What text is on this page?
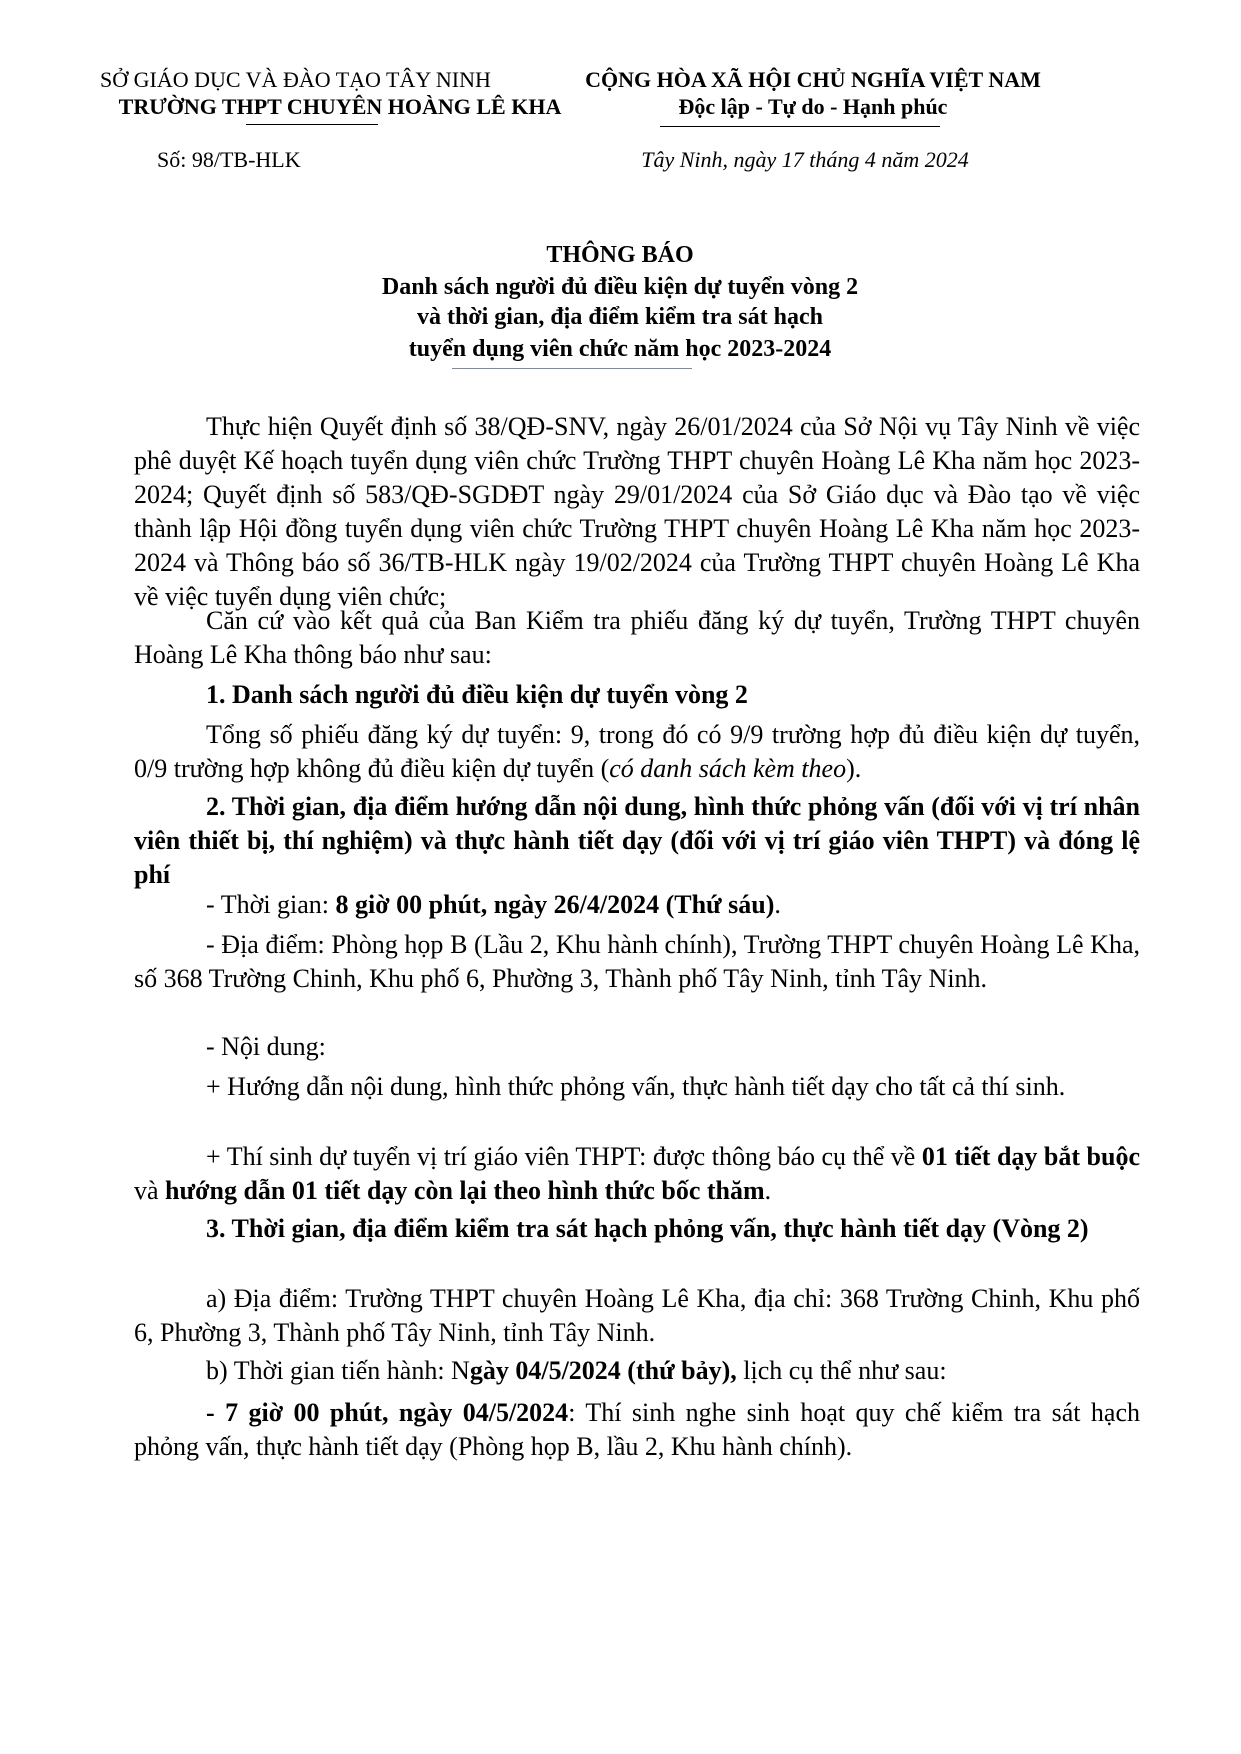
SỞ GIÁO DỤC VÀ ĐÀO TẠO TÂY NINH
TRƯỜNG THPT CHUYÊN HOÀNG LÊ KHA
Số: 98/TB-HLK
CỘNG HÒA XÃ HỘI CHỦ NGHĨA VIỆT NAM
Độc lập - Tự do - Hạnh phúc
Tây Ninh, ngày 17 tháng 4 năm 2024
THÔNG BÁO
Danh sách người đủ điều kiện dự tuyển vòng 2
và thời gian, địa điểm kiểm tra sát hạch
tuyển dụng viên chức năm học 2023-2024
Thực hiện Quyết định số 38/QĐ-SNV, ngày 26/01/2024 của Sở Nội vụ Tây Ninh về việc phê duyệt Kế hoạch tuyển dụng viên chức Trường THPT chuyên Hoàng Lê Kha năm học 2023-2024; Quyết định số 583/QĐ-SGDĐT ngày 29/01/2024 của Sở Giáo dục và Đào tạo về việc thành lập Hội đồng tuyển dụng viên chức Trường THPT chuyên Hoàng Lê Kha năm học 2023-2024 và Thông báo số 36/TB-HLK ngày 19/02/2024 của Trường THPT chuyên Hoàng Lê Kha về việc tuyển dụng viên chức;
Căn cứ vào kết quả của Ban Kiểm tra phiếu đăng ký dự tuyển, Trường THPT chuyên Hoàng Lê Kha thông báo như sau:
1. Danh sách người đủ điều kiện dự tuyển vòng 2
Tổng số phiếu đăng ký dự tuyển: 9, trong đó có 9/9 trường hợp đủ điều kiện dự tuyển, 0/9 trường hợp không đủ điều kiện dự tuyển (có danh sách kèm theo).
2. Thời gian, địa điểm hướng dẫn nội dung, hình thức phỏng vấn (đối với vị trí nhân viên thiết bị, thí nghiệm) và thực hành tiết dạy (đối với vị trí giáo viên THPT) và đóng lệ phí
- Thời gian: 8 giờ 00 phút, ngày 26/4/2024 (Thứ sáu).
- Địa điểm: Phòng họp B (Lầu 2, Khu hành chính), Trường THPT chuyên Hoàng Lê Kha, số 368 Trường Chinh, Khu phố 6, Phường 3, Thành phố Tây Ninh, tỉnh Tây Ninh.
- Nội dung:
+ Hướng dẫn nội dung, hình thức phỏng vấn, thực hành tiết dạy cho tất cả thí sinh.
+ Thí sinh dự tuyển vị trí giáo viên THPT: được thông báo cụ thể về 01 tiết dạy bắt buộc và hướng dẫn 01 tiết dạy còn lại theo hình thức bốc thăm.
3. Thời gian, địa điểm kiểm tra sát hạch phỏng vấn, thực hành tiết dạy (Vòng 2)
a) Địa điểm: Trường THPT chuyên Hoàng Lê Kha, địa chỉ: 368 Trường Chinh, Khu phố 6, Phường 3, Thành phố Tây Ninh, tỉnh Tây Ninh.
b) Thời gian tiến hành: Ngày 04/5/2024 (thứ bảy), lịch cụ thể như sau:
- 7 giờ 00 phút, ngày 04/5/2024: Thí sinh nghe sinh hoạt quy chế kiểm tra sát hạch phỏng vấn, thực hành tiết dạy (Phòng họp B, lầu 2, Khu hành chính).
